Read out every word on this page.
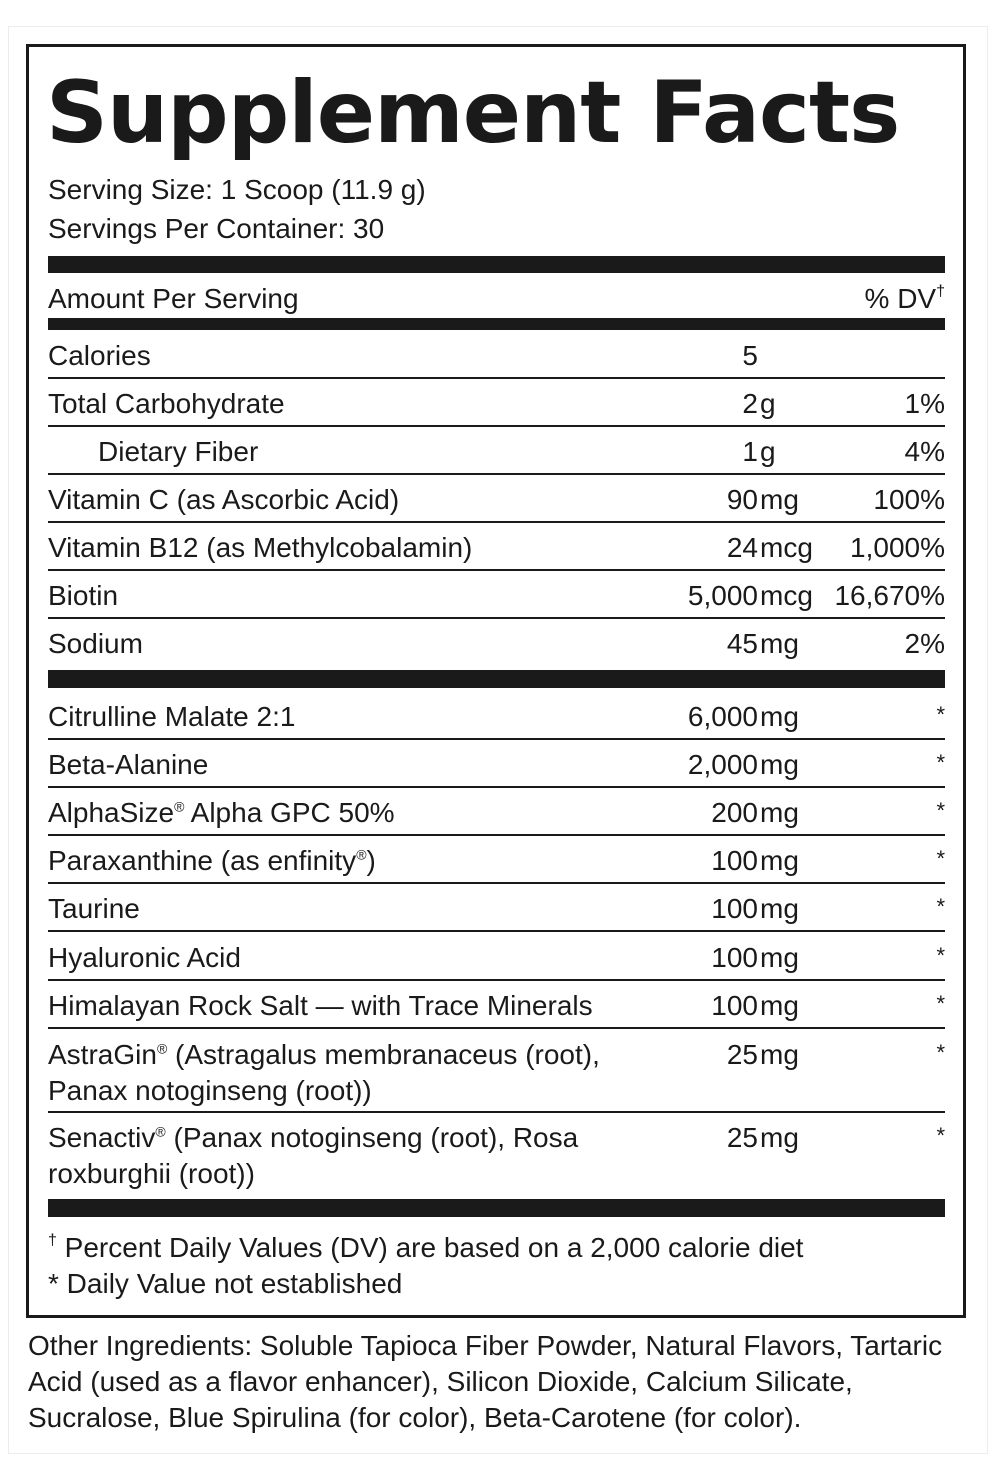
Supplement Facts
Serving Size: 1 Scoop (11.9 g)
Servings Per Container: 30
Amount Per Serving	% DV†
Calories	5
Total Carbohydrate	2g	1%
Dietary Fiber	1g	4%
Vitamin C (as Ascorbic Acid)	90mg	100%
Vitamin B12 (as Methylcobalamin)	24mcg	1,000%
Biotin	5,000mcg 16,670%
Sodium	45mg	2%
Citrulline Malate 2:1	6,000mg	*
Beta-Alanine	2,000mg	*
AlphaSize® Alpha GPC 50%	200mg	*
Paraxanthine (as enfinity®)	100mg	*
Taurine	100mg	*
Hyaluronic Acid	100mg	*
Himalayan Rock Salt — with Trace Minerals	100mg	*
AstraGin® (Astragalus membranaceus (root),
Panax notoginseng (root))
25mg	*
Senactiv® (Panax notoginseng (root), Rosa
roxburghii (root))
25mg	*
† Percent Daily Values (DV) are based on a 2,000 calorie diet
* Daily Value not established
Other Ingredients: Soluble Tapioca Fiber Powder, Natural Flavors, Tartaric Acid (used as a flavor enhancer), Silicon Dioxide, Calcium Silicate, Sucralose, Blue Spirulina (for color), Beta-Carotene (for color).
